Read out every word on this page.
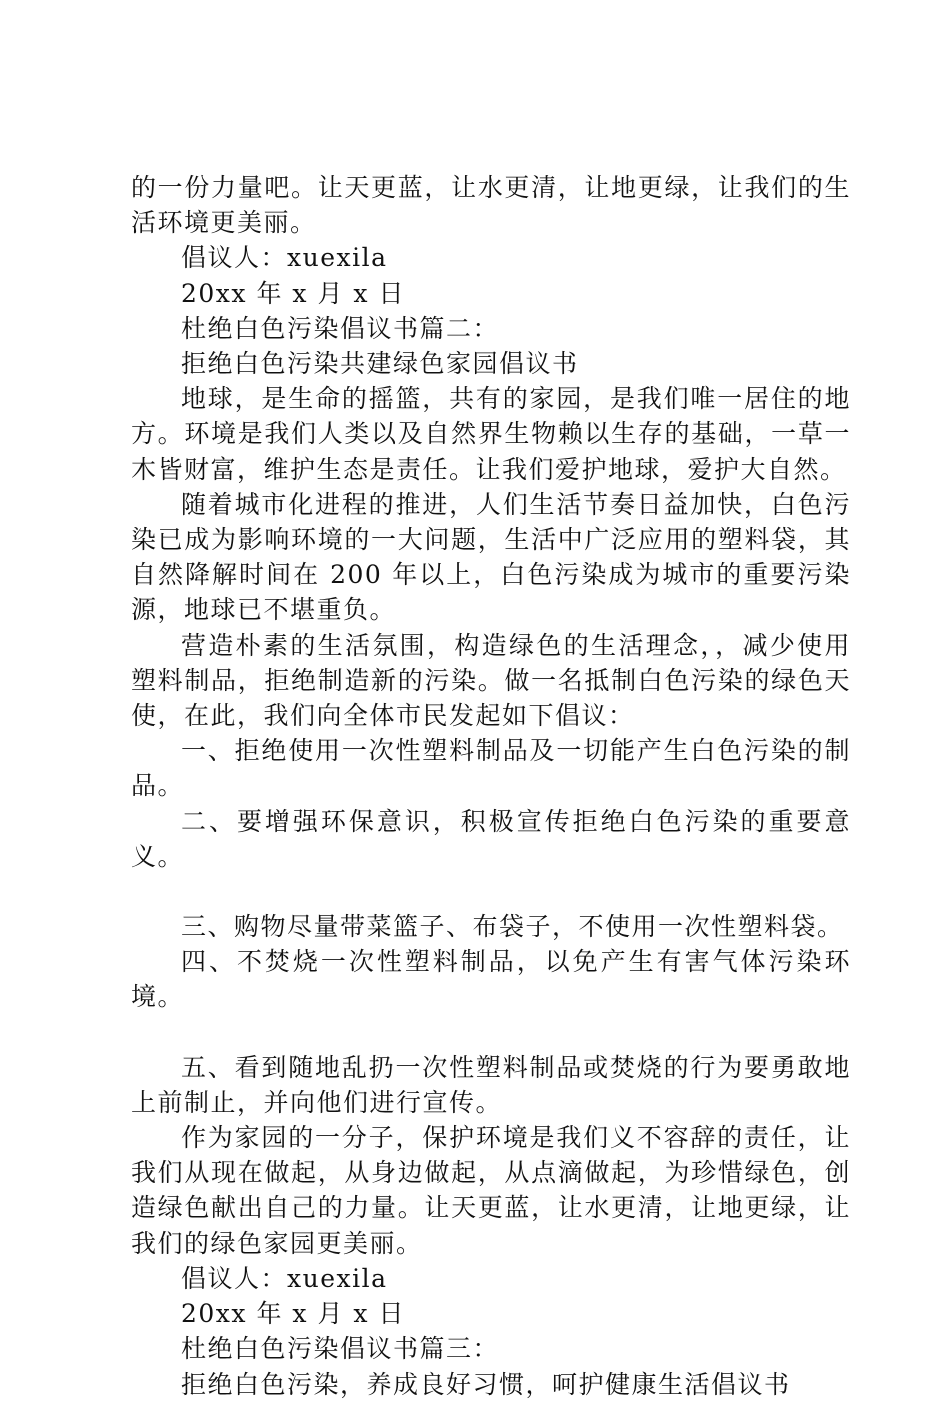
的一份力量吧。让天更蓝，让水更清，让地更绿，让我们的生活环境更美丽。

倡议人：xuexila

20xx 年 x 月 x 日

杜绝白色污染倡议书篇二：

拒绝白色污染共建绿色家园倡议书

地球，是生命的摇篮，共有的家园，是我们唯一居住的地方。环境是我们人类以及自然界生物赖以生存的基础，一草一木皆财富，维护生态是责任。让我们爱护地球，爱护大自然。

随着城市化进程的推进，人们生活节奏日益加快，白色污染已成为影响环境的一大问题，生活中广泛应用的塑料袋，其自然降解时间在 200 年以上，白色污染成为城市的重要污染源，地球已不堪重负。

营造朴素的生活氛围，构造绿色的生活理念，，减少使用塑料制品，拒绝制造新的污染。做一名抵制白色污染的绿色天使，在此，我们向全体市民发起如下倡议：

一、拒绝使用一次性塑料制品及一切能产生白色污染的制品。

二、要增强环保意识，积极宣传拒绝白色污染的重要意义。

三、购物尽量带菜篮子、布袋子，不使用一次性塑料袋。

四、不焚烧一次性塑料制品，以免产生有害气体污染环境。

五、看到随地乱扔一次性塑料制品或焚烧的行为要勇敢地上前制止，并向他们进行宣传。

作为家园的一分子，保护环境是我们义不容辞的责任，让我们从现在做起，从身边做起，从点滴做起，为珍惜绿色，创造绿色献出自己的力量。让天更蓝，让水更清，让地更绿，让我们的绿色家园更美丽。

倡议人：xuexila

20xx 年 x 月 x 日

杜绝白色污染倡议书篇三：

拒绝白色污染，养成良好习惯，呵护健康生活倡议书
